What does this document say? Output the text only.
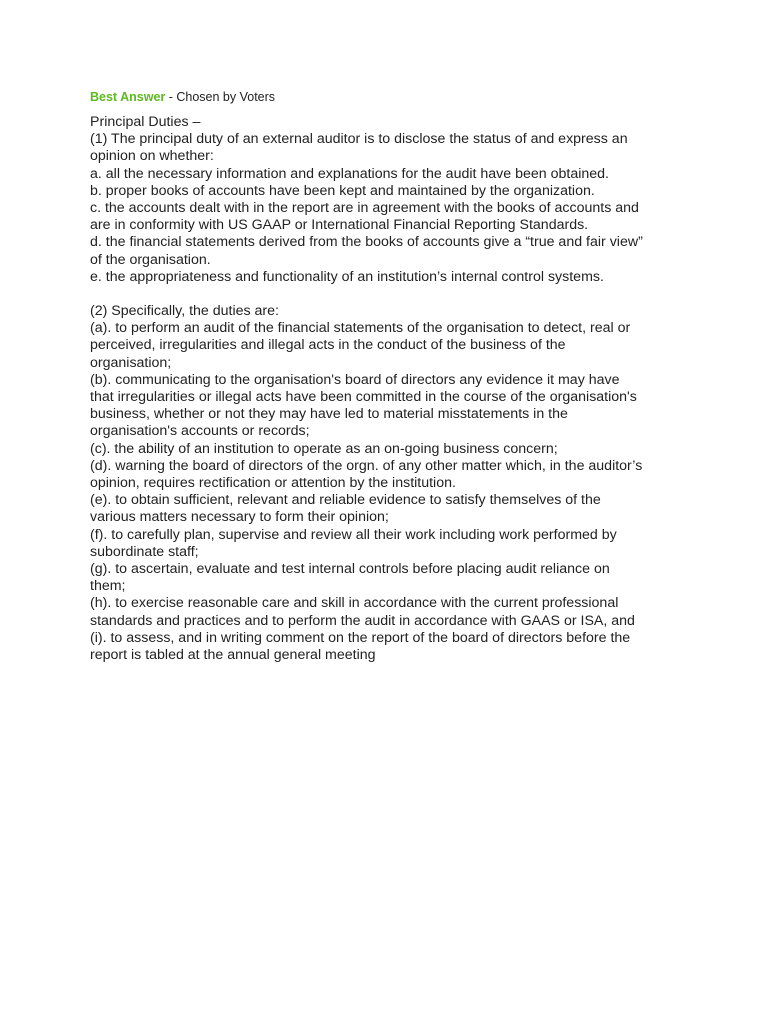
Best Answer - Chosen by Voters
Principal Duties –
(1) The principal duty of an external auditor is to disclose the status of and express an
opinion on whether:
a. all the necessary information and explanations for the audit have been obtained.
b. proper books of accounts have been kept and maintained by the organization.
c. the accounts dealt with in the report are in agreement with the books of accounts and
are in conformity with US GAAP or International Financial Reporting Standards.
d. the financial statements derived from the books of accounts give a “true and fair view”
of the organisation.
e. the appropriateness and functionality of an institution’s internal control systems.
(2) Specifically, the duties are:
(a). to perform an audit of the financial statements of the organisation to detect, real or
perceived, irregularities and illegal acts in the conduct of the business of the
organisation;
(b). communicating to the organisation's board of directors any evidence it may have
that irregularities or illegal acts have been committed in the course of the organisation's
business, whether or not they may have led to material misstatements in the
organisation's accounts or records;
(c). the ability of an institution to operate as an on-going business concern;
(d). warning the board of directors of the orgn. of any other matter which, in the auditor’s
opinion, requires rectification or attention by the institution.
(e). to obtain sufficient, relevant and reliable evidence to satisfy themselves of the
various matters necessary to form their opinion;
(f). to carefully plan, supervise and review all their work including work performed by
subordinate staff;
(g). to ascertain, evaluate and test internal controls before placing audit reliance on
them;
(h). to exercise reasonable care and skill in accordance with the current professional
standards and practices and to perform the audit in accordance with GAAS or ISA, and
(i). to assess, and in writing comment on the report of the board of directors before the
report is tabled at the annual general meeting
